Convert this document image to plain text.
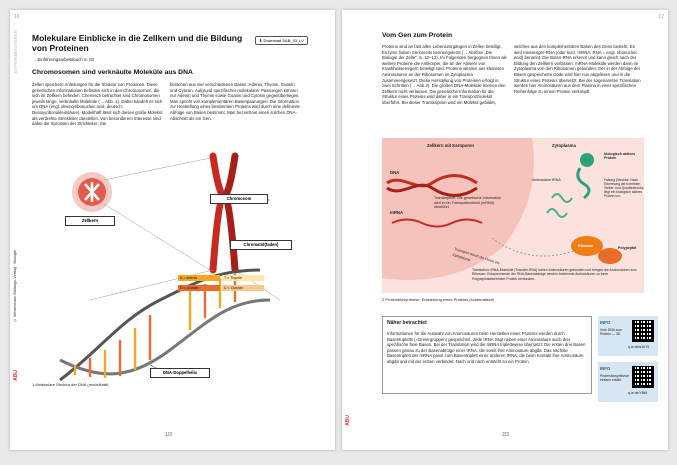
16
EXPERIMENTIEREN
ABU
© Westermann Bildungs-Veritag · Biologie
Molekulare Einblicke in die Zellkern und die Bildung von Proteinen
⬇ Download SAB_03_LV
→ Einführungsarbeitsbuch S. 03
Chromosomen sind verknäulte Moleküle aus DNA
Zellen speichern Anleitungen für die Struktur von Proteinen. Diese genetischen Informationen befinden sich in den Chromosomen, die sich im Zellkern befinden. Chemisch betrachtet sind Chromosomen jeweils lange, verknäulte Moleküle (→ Abb. 1). Dabei handelt es sich um DNA (engl. desoxyribonucleic acid, deutsch: Desoxyribonukleinsäure). Modellhaft lässt sich dieses große Molekül als verdrehte Strickleiter darstellen. Von besonderem Interesse sind dabei die Sprossen der Strickleiter: Sie
bestehen aus vier verschiedenen Basen: Adenin, Thymin, Guanin und Cytosin. Aufgrund spezifischer molekularer Passungen können nur Adenin und Thymin sowie Guanin und Cytosin gegenüberliegen. Man spricht von komplementären Basenpaarungen. Die Information zur Herstellung eines bestimmten Proteins wird durch eine definierte Abfolge von Basen bestimmt. Man bezeichnet einen solchen DNA-Abschnitt als ein Gen.
Chromosom
Zellkern
Chromatid(faden)
A = Adenin	T = Thymin
G = Guanin	C = Cytosin
DNA-Doppelhelix
1 Molekulare Struktur der DNA (modellhaft)
1/3
17
ABU
Vom Gen zum Protein
Proteine sind an fast allen Lebensvorgängen in Zellen beteiligt. Enzyme haben Sie bereits kennengelernt (→ Abrißss „Die Biologie der Zelle“, S. 10–12). Im Folgenden bergegnen Ihnen als weitere Proteine die Antikörper, die an der Abwehr von Krankheitserregern beteiligt sind. Proteine werden aus kleineren Aminosäuren an der Ribosomen im Zytoplasma zusammengesetzt. Diese Herstellung von Proteinen erfolgt in zwei Schritten (→ Abb.2). Die großen DNA-Moleküle können den Zellkern nicht verlassen. Die genetische Information für die Struktur eines Proteins wird daher in ein Transportmolekül überführt. Bei dieser Transkription wird ein Molekül gebildet,
welches aus den komplementären Basen des Gens besteht. Es wird messenger-RNA (oder kurz: mRNA, RNA = engl. ribonucleic acid) benannt. Die Boten-RNA erkennt und kann gleich nach der Bildung den Zellkern verlassen. mRNA-Moleküle werden dann im Zytoplasma von den Ribosomen gebunden. Der in der Abfolge der Basen gespeicherte Code wird hier nun abgelesen und in die Struktur eines Proteins übersetzt. Bei der sogenannten Translation werden hier Aminosäuren aus dem Plasma in einer spezifischen Reihenfolge zu einem Protein verknüpft.
Zellkern mit Kernporen	Zytoplasma
DNA
mRNA
Transkription: Die genetische Information wird in ein Transportmolekül (mRNA) überführt.
Transport durch die Poren ins Zytoplasma
Aminosäure tRNA
biologisch aktives Protein
Faltung (Struktur: Nach Erkennung der korrekten Tertiär- und Quartärstruktur liegt ein biologisch aktives Protein vor.
Ribosom	Polypeptid
Translation: tRNA-Moleküle (Transfer-RNA) haben Aminosäuren gebunden und bringen die Aminosäuren zum Ribosom. Entsprechende der RNA-Basenabfolge werden bestimmte Aminosäuren zu einer Polypeptidkette/einem Protein verbunden.
2 Proteinbiosynthese: Entstehung eines Proteins (schematisch)
Näher betrachtet
Informationen für die Auswahl von Aminosäuren beim Herstellen eines Proteins werden durch Basentripletts (=Dreiergruppen) gespeichert. Jede tRNA trägt neben einer Aminosäure auch drei spezifische freie Basen. Bei der Translation wird die mRNA triplettweise übersetzt: Die ersten drei Basen passen genau zu der Basenabfolge einer tRNA, die somit ihre Aminosäure abgibt. Das nächste Basentriplett der mRNA passt zum Basentriplett einer anderen tRNA, die beim Kontakt ihre Aminosäure abgibt und mit der ersten verbindet. Nach und nach entsteht so ein Protein.
INFO
Vom DNA zum Protein — 3D
q-ie.de/a1hY5
INFO
Proteinbiosynthese einfach erklärt
q-ie.de/Y8tM
2/3
